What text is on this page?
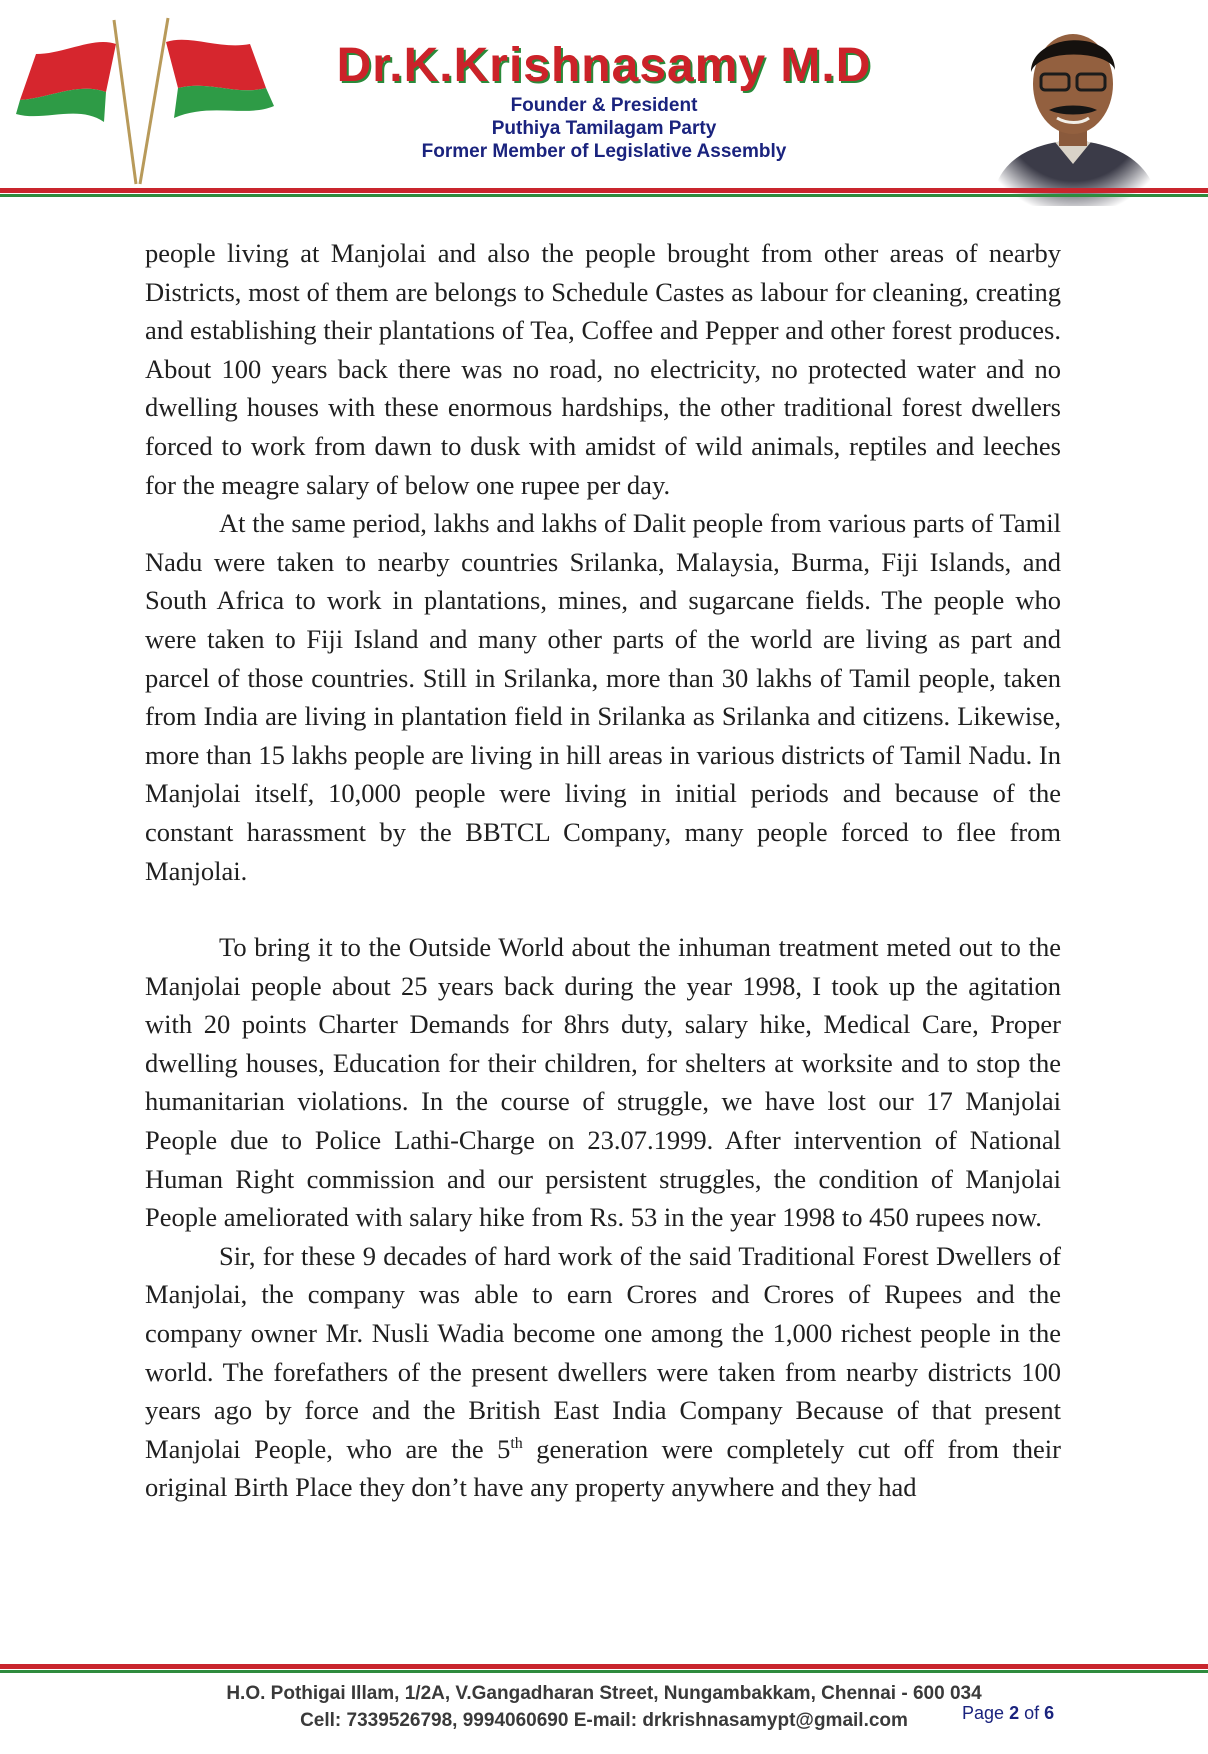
Dr.K.Krishnasamy M.D
Founder & President
Puthiya Tamilagam Party
Former Member of Legislative Assembly

people living at Manjolai and also the people brought from other areas of nearby Districts, most of them are belongs to Schedule Castes as labour for cleaning, creating and establishing their plantations of Tea, Coffee and Pepper and other forest produces. About 100 years back there was no road, no electricity, no protected water and no dwelling houses with these enormous hardships, the other traditional forest dwellers forced to work from dawn to dusk with amidst of wild animals, reptiles and leeches for the meagre salary of below one rupee per day.

At the same period, lakhs and lakhs of Dalit people from various parts of Tamil Nadu were taken to nearby countries Srilanka, Malaysia, Burma, Fiji Islands, and South Africa to work in plantations, mines, and sugarcane fields. The people who were taken to Fiji Island and many other parts of the world are living as part and parcel of those countries. Still in Srilanka, more than 30 lakhs of Tamil people, taken from India are living in plantation field in Srilanka as Srilanka and citizens. Likewise, more than 15 lakhs people are living in hill areas in various districts of Tamil Nadu. In Manjolai itself, 10,000 people were living in initial periods and because of the constant harassment by the BBTCL Company, many people forced to flee from Manjolai.

To bring it to the Outside World about the inhuman treatment meted out to the Manjolai people about 25 years back during the year 1998, I took up the agitation with 20 points Charter Demands for 8hrs duty, salary hike, Medical Care, Proper dwelling houses, Education for their children, for shelters at worksite and to stop the humanitarian violations. In the course of struggle, we have lost our 17 Manjolai People due to Police Lathi-Charge on 23.07.1999. After intervention of National Human Right commission and our persistent struggles, the condition of Manjolai People ameliorated with salary hike from Rs. 53 in the year 1998 to 450 rupees now.

Sir, for these 9 decades of hard work of the said Traditional Forest Dwellers of Manjolai, the company was able to earn Crores and Crores of Rupees and the company owner Mr. Nusli Wadia become one among the 1,000 richest people in the world. The forefathers of the present dwellers were taken from nearby districts 100 years ago by force and the British East India Company Because of that present Manjolai People, who are the 5th generation were completely cut off from their original Birth Place they don’t have any property anywhere and they had

H.O. Pothigai Illam, 1/2A, V.Gangadharan Street, Nungambakkam, Chennai - 600 034
Cell: 7339526798, 9994060690 E-mail: drkrishnasamypt@gmail.com	Page 2 of 6
